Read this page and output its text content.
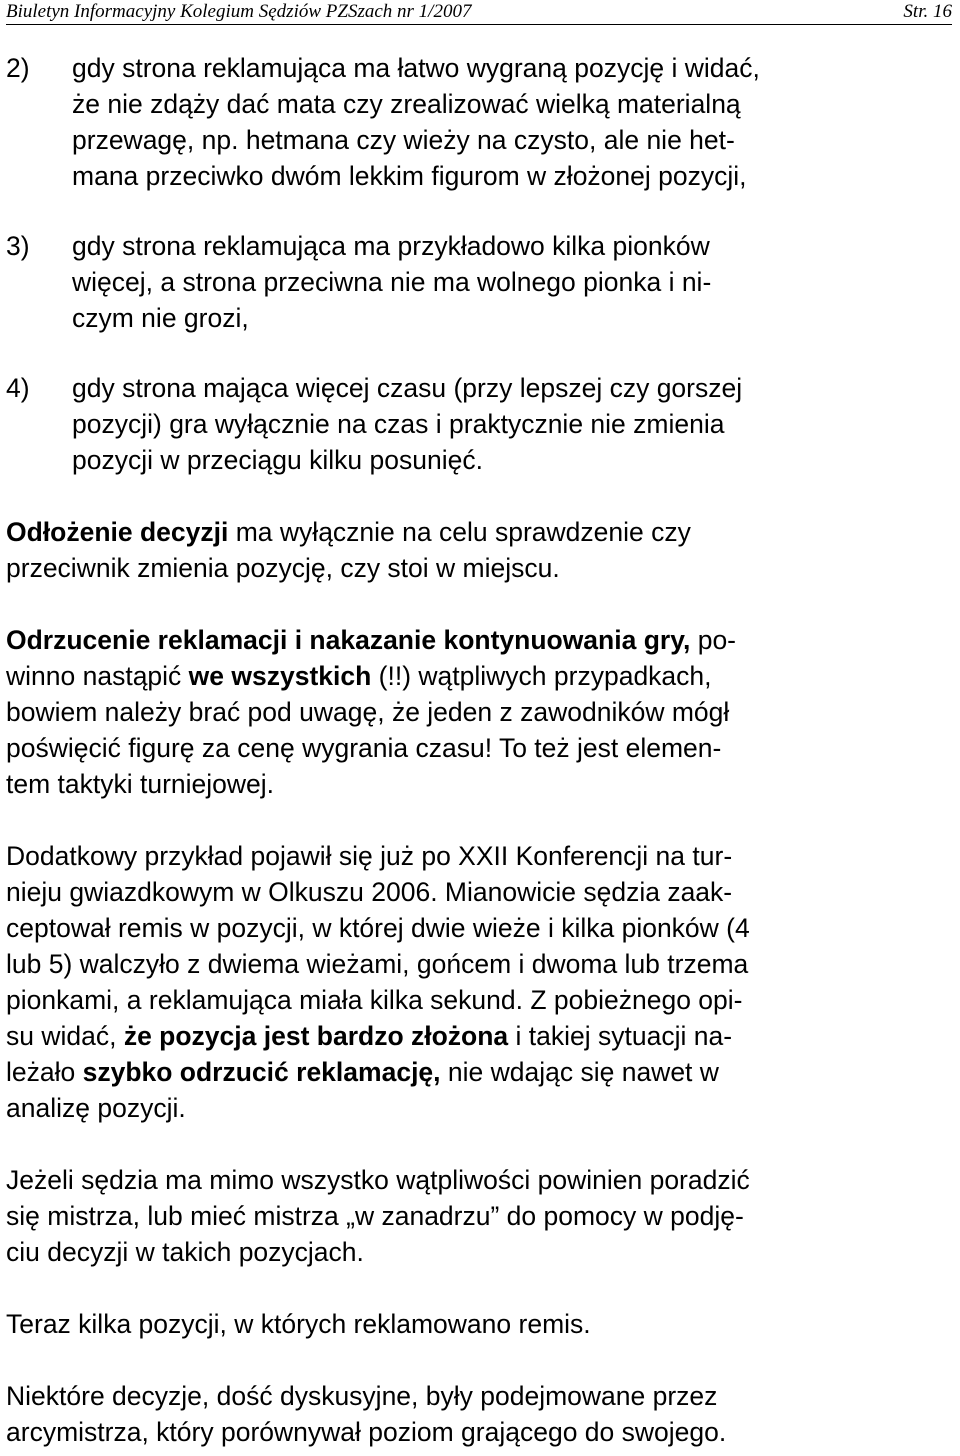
Biuletyn Informacyjny Kolegium Sędziów PZSzach nr 1/2007	Str. 16
2) gdy strona reklamująca ma łatwo wygraną pozycję i widać,
że nie zdąży dać mata czy zrealizować wielką materialną
przewagę, np. hetmana czy wieży na czysto, ale nie het-
mana przeciwko dwóm lekkim figurom w złożonej pozycji,
3) gdy strona reklamująca ma przykładowo kilka pionków
więcej, a strona przeciwna nie ma wolnego pionka i ni-
czym nie grozi,
4) gdy strona mająca więcej czasu (przy lepszej czy gorszej
pozycji) gra wyłącznie na czas i praktycznie nie zmienia
pozycji w przeciągu kilku posunięć.
Odłożenie decyzji ma wyłącznie na celu sprawdzenie czy
przeciwnik zmienia pozycję, czy stoi w miejscu.
Odrzucenie reklamacji i nakazanie kontynuowania gry, po-
winno nastąpić we wszystkich (!!) wątpliwych przypadkach,
bowiem należy brać pod uwagę, że jeden z zawodników mógł
poświęcić figurę za cenę wygrania czasu! To też jest elemen-
tem taktyki turniejowej.
Dodatkowy przykład pojawił się już po XXII Konferencji na tur-
nieju gwiazdkowym w Olkuszu 2006. Mianowicie sędzia zaak-
ceptował remis w pozycji, w której dwie wieże i kilka pionków (4
lub 5) walczyło z dwiema wieżami, gońcem i dwoma lub trzema
pionkami, a reklamująca miała kilka sekund. Z pobieżnego opi-
su widać, że pozycja jest bardzo złożona i takiej sytuacji na-
leżało szybko odrzucić reklamację, nie wdając się nawet w
analizę pozycji.
Jeżeli sędzia ma mimo wszystko wątpliwości powinien poradzić
się mistrza, lub mieć mistrza „w zanadrzu” do pomocy w podję-
ciu decyzji w takich pozycjach.
Teraz kilka pozycji, w których reklamowano remis.
Niektóre decyzje, dość dyskusyjne, były podejmowane przez
arcymistrza, który porównywał poziom grającego do swojego.
